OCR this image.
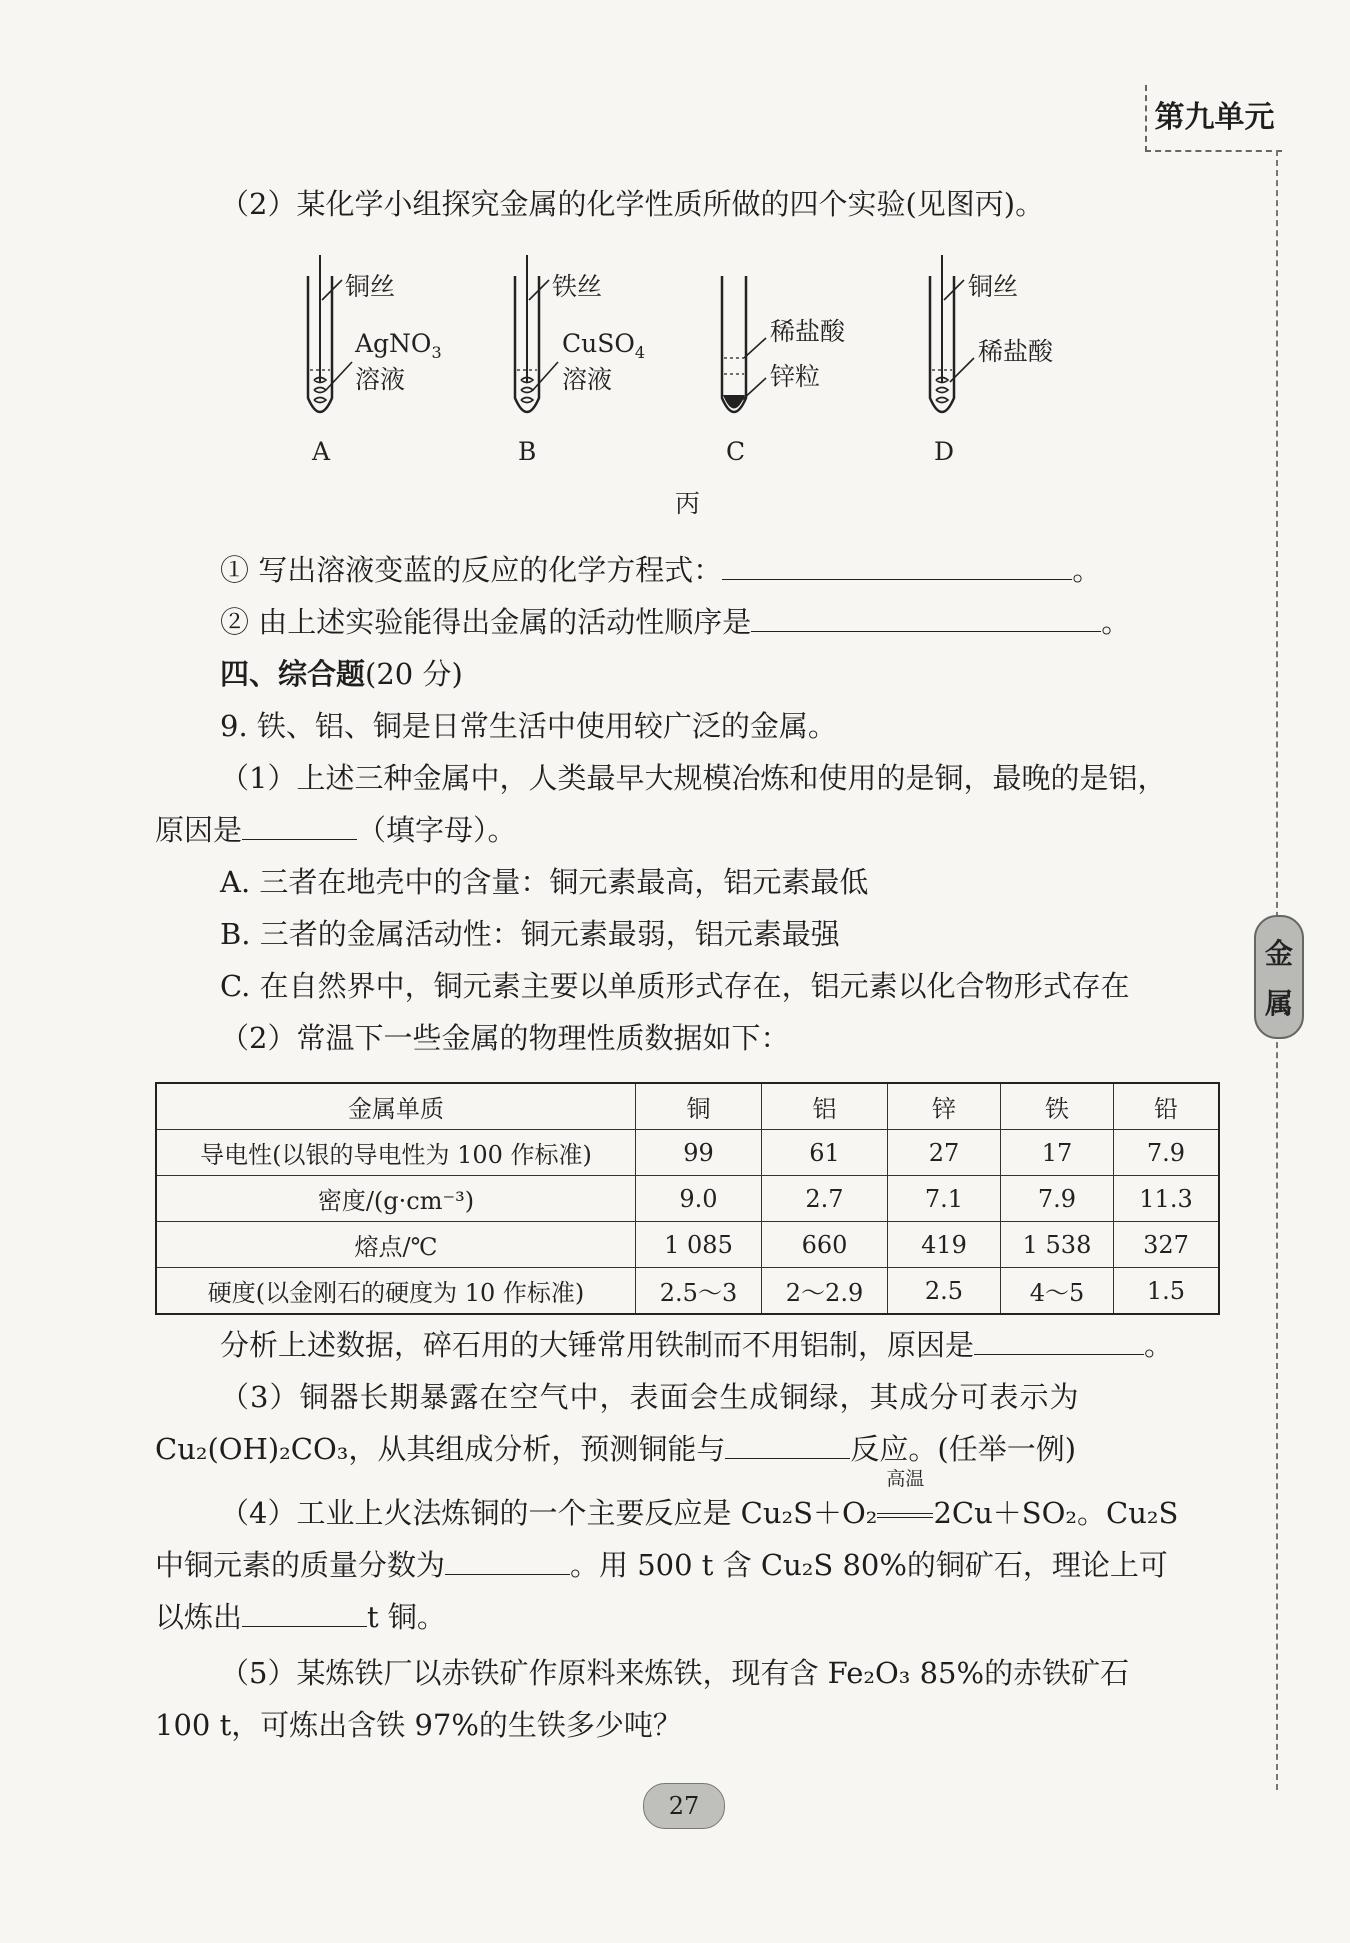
第九单元
金
属
（2）某化学小组探究金属的化学性质所做的四个实验(见图丙)。
铜丝
AgNO$_3$
溶液
A
铁丝
CuSO$_4$
溶液
B
稀盐酸
锌粒
C
铜丝
稀盐酸
D
丙
① 写出溶液变蓝的反应的化学方程式：	。
② 由上述实验能得出金属的活动性顺序是	。
四、综合题(20 分)
9. 铁、铝、铜是日常生活中使用较广泛的金属。
（1）上述三种金属中，人类最早大规模冶炼和使用的是铜，最晚的是铝，
原因是	（填字母）。
A. 三者在地壳中的含量：铜元素最高，铝元素最低
B. 三者的金属活动性：铜元素最弱，铝元素最强
C. 在自然界中，铜元素主要以单质形式存在，铝元素以化合物形式存在
（2）常温下一些金属的物理性质数据如下：
金属单质	铜	铝	锌	铁	铅
导电性(以银的导电性为 100 作标准)	99	61	27	17	7.9
密度/(g·cm⁻³)	9.0	2.7	7.1	7.9	11.3
熔点/℃	1 085	660	419	1 538	327
硬度(以金刚石的硬度为 10 作标准)	2.5～3	2～2.9	2.5	4～5	1.5
分析上述数据，碎石用的大锤常用铁制而不用铝制，原因是	。
（3）铜器长期暴露在空气中，表面会生成铜绿，其成分可表示为
Cu₂(OH)₂CO₃，从其组成分析，预测铜能与	反应。(任举一例)
（4）工业上火法炼铜的一个主要反应是 Cu₂S＋O₂
高温
2Cu＋SO₂。Cu₂S
中铜元素的质量分数为	。用 500 t 含 Cu₂S 80%的铜矿石，理论上可
以炼出	t 铜。
（5）某炼铁厂以赤铁矿作原料来炼铁，现有含 Fe₂O₃ 85%的赤铁矿石
100 t，可炼出含铁 97%的生铁多少吨？
27
